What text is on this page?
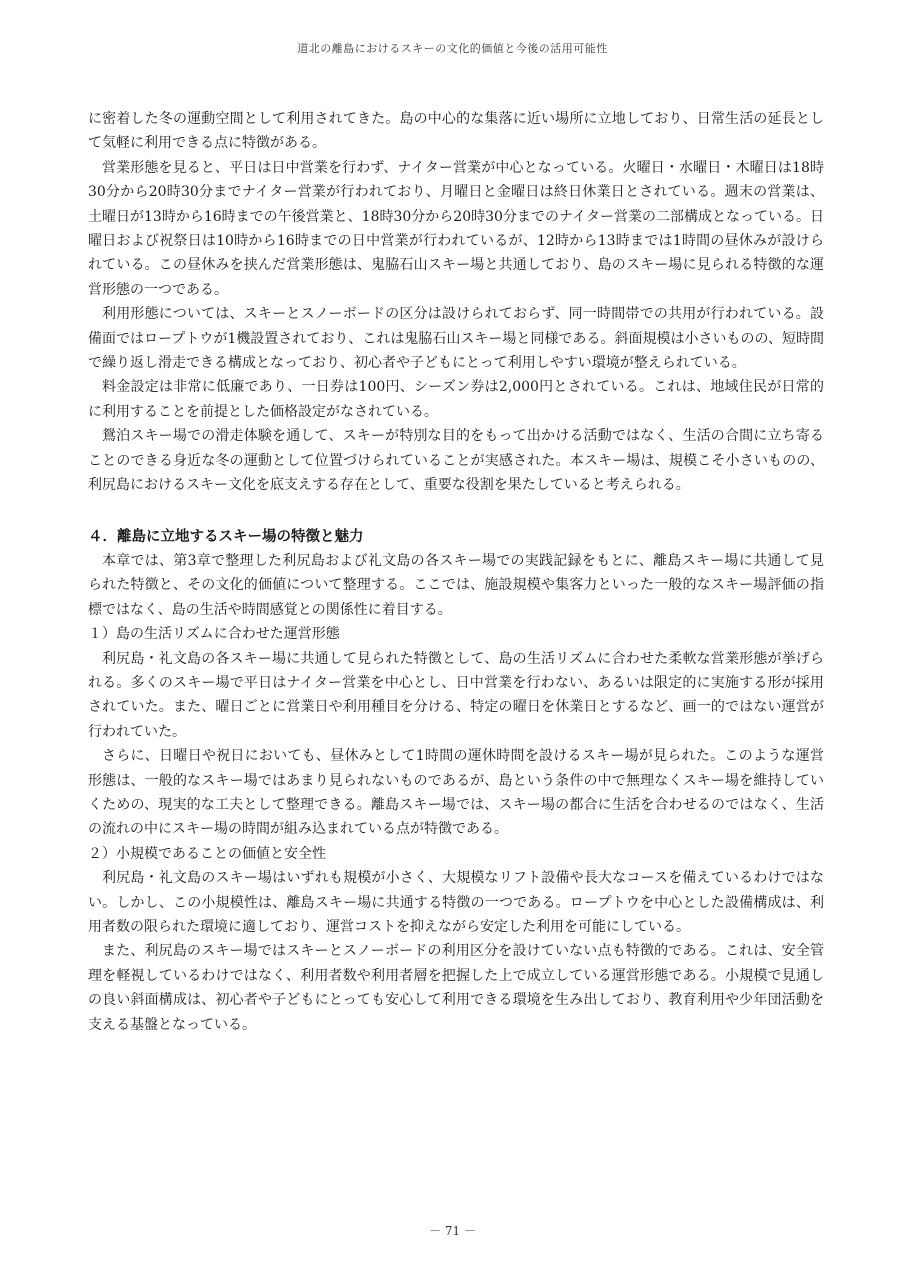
道北の離島におけるスキーの文化的価値と今後の活用可能性

に密着した冬の運動空間として利用されてきた。島の中心的な集落に近い場所に立地しており、日常生活の延長として気軽に利用できる点に特徴がある。

営業形態を見ると、平日は日中営業を行わず、ナイター営業が中心となっている。火曜日・水曜日・木曜日は18時30分から20時30分までナイター営業が行われており、月曜日と金曜日は終日休業日とされている。週末の営業は、土曜日が13時から16時までの午後営業と、18時30分から20時30分までのナイター営業の二部構成となっている。日曜日および祝祭日は10時から16時までの日中営業が行われているが、12時から13時までは1時間の昼休みが設けられている。この昼休みを挟んだ営業形態は、鬼脇石山スキー場と共通しており、島のスキー場に見られる特徴的な運営形態の一つである。

利用形態については、スキーとスノーボードの区分は設けられておらず、同一時間帯での共用が行われている。設備面ではロープトウが1機設置されており、これは鬼脇石山スキー場と同様である。斜面規模は小さいものの、短時間で繰り返し滑走できる構成となっており、初心者や子どもにとって利用しやすい環境が整えられている。

料金設定は非常に低廉であり、一日券は100円、シーズン券は2,000円とされている。これは、地域住民が日常的に利用することを前提とした価格設定がなされている。

鴛泊スキー場での滑走体験を通して、スキーが特別な目的をもって出かける活動ではなく、生活の合間に立ち寄ることのできる身近な冬の運動として位置づけられていることが実感された。本スキー場は、規模こそ小さいものの、利尻島におけるスキー文化を底支えする存在として、重要な役割を果たしていると考えられる。

４．離島に立地するスキー場の特徴と魅力

本章では、第3章で整理した利尻島および礼文島の各スキー場での実践記録をもとに、離島スキー場に共通して見られた特徴と、その文化的価値について整理する。ここでは、施設規模や集客力といった一般的なスキー場評価の指標ではなく、島の生活や時間感覚との関係性に着目する。

１）島の生活リズムに合わせた運営形態

利尻島・礼文島の各スキー場に共通して見られた特徴として、島の生活リズムに合わせた柔軟な営業形態が挙げられる。多くのスキー場で平日はナイター営業を中心とし、日中営業を行わない、あるいは限定的に実施する形が採用されていた。また、曜日ごとに営業日や利用種目を分ける、特定の曜日を休業日とするなど、画一的ではない運営が行われていた。

さらに、日曜日や祝日においても、昼休みとして1時間の運休時間を設けるスキー場が見られた。このような運営形態は、一般的なスキー場ではあまり見られないものであるが、島という条件の中で無理なくスキー場を維持していくための、現実的な工夫として整理できる。離島スキー場では、スキー場の都合に生活を合わせるのではなく、生活の流れの中にスキー場の時間が組み込まれている点が特徴である。

２）小規模であることの価値と安全性

利尻島・礼文島のスキー場はいずれも規模が小さく、大規模なリフト設備や長大なコースを備えているわけではない。しかし、この小規模性は、離島スキー場に共通する特徴の一つである。ロープトウを中心とした設備構成は、利用者数の限られた環境に適しており、運営コストを抑えながら安定した利用を可能にしている。

また、利尻島のスキー場ではスキーとスノーボードの利用区分を設けていない点も特徴的である。これは、安全管理を軽視しているわけではなく、利用者数や利用者層を把握した上で成立している運営形態である。小規模で見通しの良い斜面構成は、初心者や子どもにとっても安心して利用できる環境を生み出しており、教育利用や少年団活動を支える基盤となっている。

－ 71 －
